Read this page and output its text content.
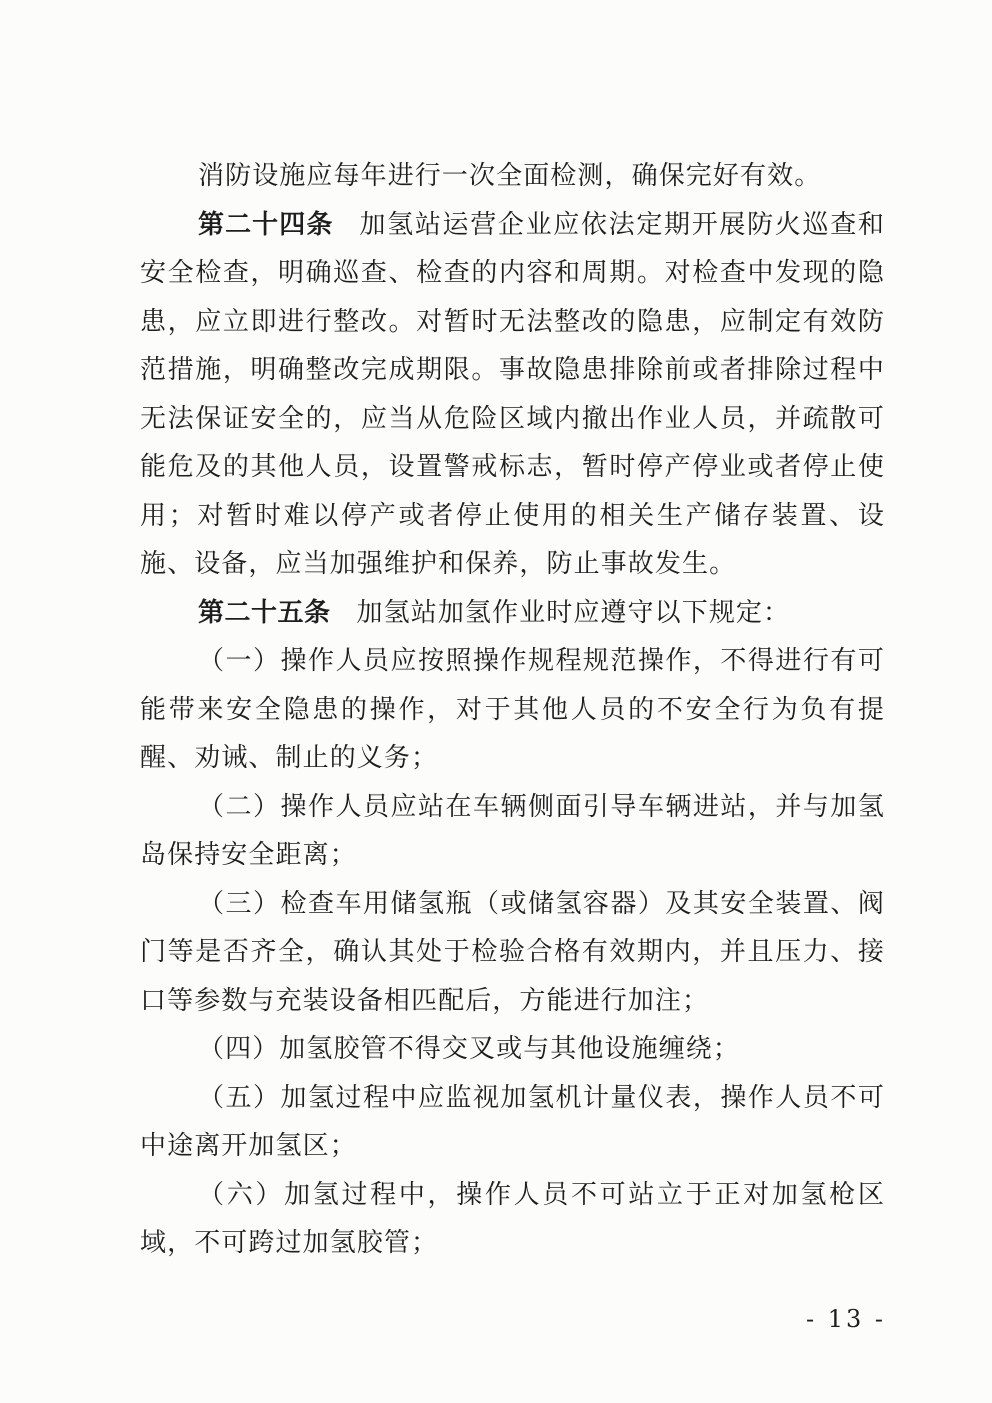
消防设施应每年进行一次全面检测，确保完好有效。

第二十四条 加氢站运营企业应依法定期开展防火巡查和安全检查，明确巡查、检查的内容和周期。对检查中发现的隐患，应立即进行整改。对暂时无法整改的隐患，应制定有效防范措施，明确整改完成期限。事故隐患排除前或者排除过程中无法保证安全的，应当从危险区域内撤出作业人员，并疏散可能危及的其他人员，设置警戒标志，暂时停产停业或者停止使用；对暂时难以停产或者停止使用的相关生产储存装置、设施、设备，应当加强维护和保养，防止事故发生。

第二十五条 加氢站加氢作业时应遵守以下规定：

（一）操作人员应按照操作规程规范操作，不得进行有可能带来安全隐患的操作，对于其他人员的不安全行为负有提醒、劝诫、制止的义务；

（二）操作人员应站在车辆侧面引导车辆进站，并与加氢岛保持安全距离；

（三）检查车用储氢瓶（或储氢容器）及其安全装置、阀门等是否齐全，确认其处于检验合格有效期内，并且压力、接口等参数与充装设备相匹配后，方能进行加注；

（四）加氢胶管不得交叉或与其他设施缠绕；

（五）加氢过程中应监视加氢机计量仪表，操作人员不可中途离开加氢区；

（六）加氢过程中，操作人员不可站立于正对加氢枪区域，不可跨过加氢胶管；

- 13 -
